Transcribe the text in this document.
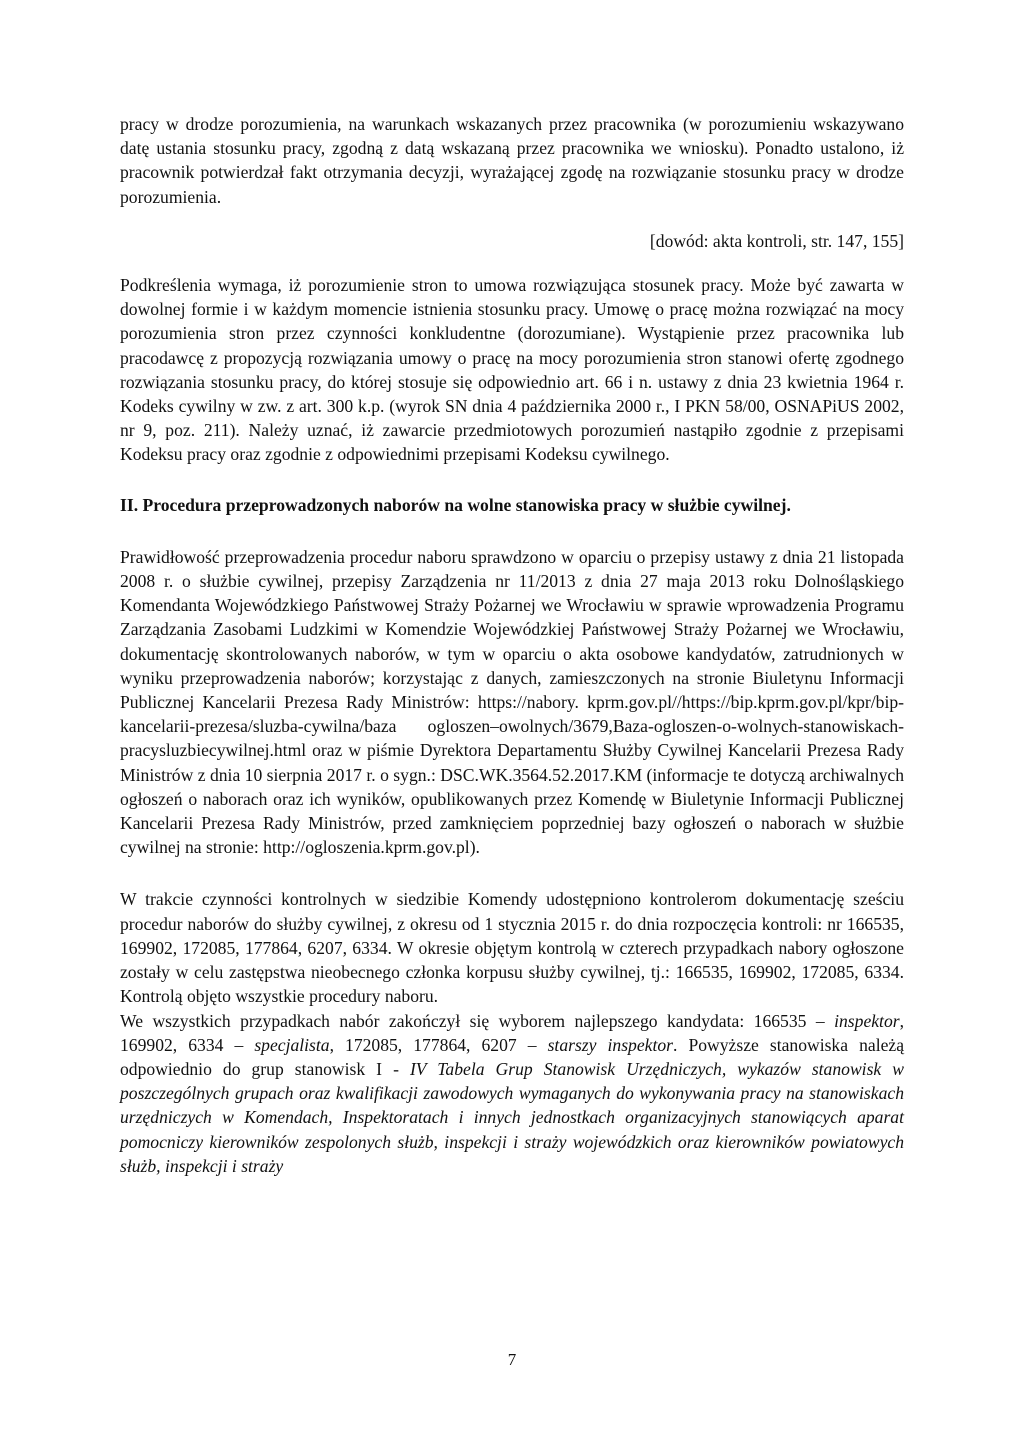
pracy w drodze porozumienia, na warunkach wskazanych przez pracownika (w porozumieniu wskazywano datę ustania stosunku pracy, zgodną z datą wskazaną przez pracownika we wniosku). Ponadto ustalono, iż pracownik potwierdzał fakt otrzymania decyzji, wyrażającej zgodę na rozwiązanie stosunku pracy w drodze porozumienia.

[dowód: akta kontroli, str. 147, 155]

Podkreślenia wymaga, iż porozumienie stron to umowa rozwiązująca stosunek pracy. Może być zawarta w dowolnej formie i w każdym momencie istnienia stosunku pracy. Umowę o pracę można rozwiązać na mocy porozumienia stron przez czynności konkludentne (dorozumiane). Wystąpienie przez pracownika lub pracodawcę z propozycją rozwiązania umowy o pracę na mocy porozumienia stron stanowi ofertę zgodnego rozwiązania stosunku pracy, do której stosuje się odpowiednio art. 66 i n. ustawy z dnia 23 kwietnia 1964 r. Kodeks cywilny w zw. z art. 300 k.p. (wyrok SN dnia 4 października 2000 r., I PKN 58/00, OSNAPiUS 2002, nr 9, poz. 211). Należy uznać, iż zawarcie przedmiotowych porozumień nastąpiło zgodnie z przepisami Kodeksu pracy oraz zgodnie z odpowiednimi przepisami Kodeksu cywilnego.

II. Procedura przeprowadzonych naborów na wolne stanowiska pracy w służbie cywilnej.

Prawidłowość przeprowadzenia procedur naboru sprawdzono w oparciu o przepisy ustawy z dnia 21 listopada 2008 r. o służbie cywilnej, przepisy Zarządzenia nr 11/2013 z dnia 27 maja 2013 roku Dolnośląskiego Komendanta Wojewódzkiego Państwowej Straży Pożarnej we Wrocławiu w sprawie wprowadzenia Programu Zarządzania Zasobami Ludzkimi w Komendzie Wojewódzkiej Państwowej Straży Pożarnej we Wrocławiu, dokumentację skontrolowanych naborów, w tym w oparciu o akta osobowe kandydatów, zatrudnionych w wyniku przeprowadzenia naborów; korzystając z danych, zamieszczonych na stronie Biuletynu Informacji Publicznej Kancelarii Prezesa Rady Ministrów: https://nabory. kprm.gov.pl//https://bip.kprm.gov.pl/kpr/bip-kancelarii-prezesa/sluzba-cywilna/baza ogloszen–owolnych/3679,Baza-ogloszen-o-wolnych-stanowiskach-pracysluzbiecywilnej.html oraz w piśmie Dyrektora Departamentu Służby Cywilnej Kancelarii Prezesa Rady Ministrów z dnia 10 sierpnia 2017 r. o sygn.: DSC.WK.3564.52.2017.KM (informacje te dotyczą archiwalnych ogłoszeń o naborach oraz ich wyników, opublikowanych przez Komendę w Biuletynie Informacji Publicznej Kancelarii Prezesa Rady Ministrów, przed zamknięciem poprzedniej bazy ogłoszeń o naborach w służbie cywilnej na stronie: http://ogloszenia.kprm.gov.pl).

W trakcie czynności kontrolnych w siedzibie Komendy udostępniono kontrolerom dokumentację sześciu procedur naborów do służby cywilnej, z okresu od 1 stycznia 2015 r. do dnia rozpoczęcia kontroli: nr 166535, 169902, 172085, 177864, 6207, 6334. W okresie objętym kontrolą w czterech przypadkach nabory ogłoszone zostały w celu zastępstwa nieobecnego członka korpusu służby cywilnej, tj.: 166535, 169902, 172085, 6334. Kontrolą objęto wszystkie procedury naboru.

We wszystkich przypadkach nabór zakończył się wyborem najlepszego kandydata: 166535 – inspektor, 169902, 6334 – specjalista, 172085, 177864, 6207 – starszy inspektor. Powyższe stanowiska należą odpowiednio do grup stanowisk I - IV Tabela Grup Stanowisk Urzędniczych, wykazów stanowisk w poszczególnych grupach oraz kwalifikacji zawodowych wymaganych do wykonywania pracy na stanowiskach urzędniczych w Komendach, Inspektoratach i innych jednostkach organizacyjnych stanowiących aparat pomocniczy kierowników zespolonych służb, inspekcji i straży wojewódzkich oraz kierowników powiatowych służb, inspekcji i straży

7
